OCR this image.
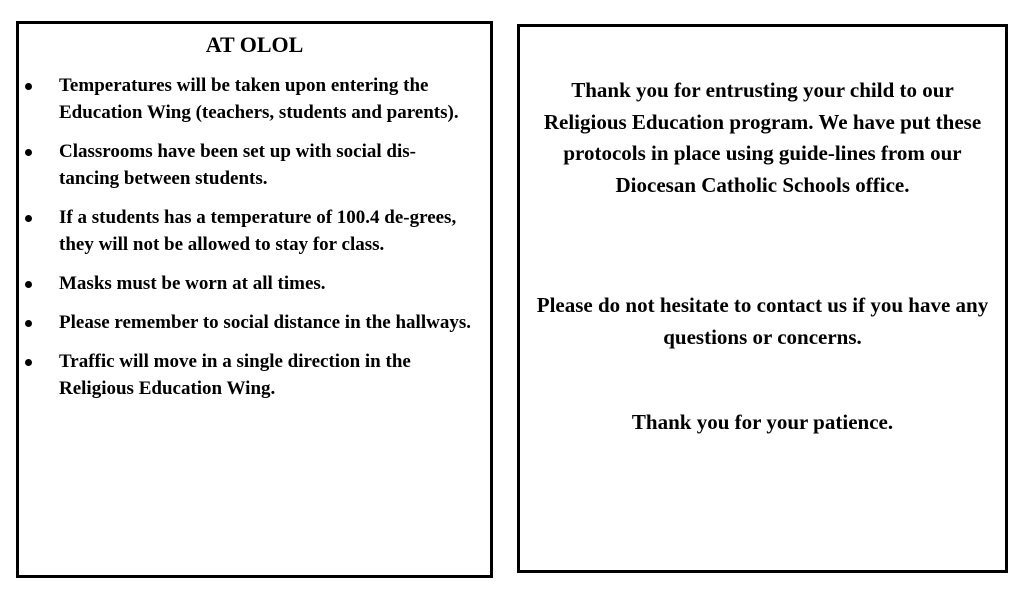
AT OLOL
Temperatures will be taken upon entering the Education Wing (teachers, students and parents).
Classrooms have been set up with social dis-tancing between students.
If a students has a temperature of 100.4 de-grees, they will not be allowed to stay for class.
Masks must be worn at all times.
Please remember to social distance in the hallways.
Traffic will move in a single direction in the Religious Education Wing.

Thank you for entrusting your child to our Religious Education program. We have put these protocols in place using guide-lines from our Diocesan Catholic Schools office.

Please do not hesitate to contact us if you have any questions or concerns.

Thank you for your patience.
